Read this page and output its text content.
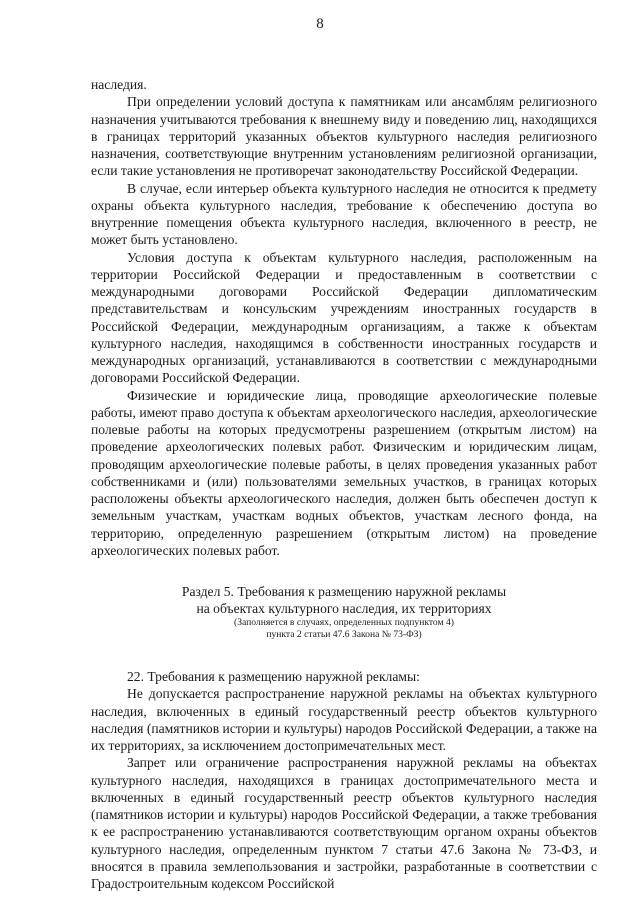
8

наследия.

При определении условий доступа к памятникам или ансамблям религиозного назначения учитываются требования к внешнему виду и поведению лиц, находящихся в границах территорий указанных объектов культурного наследия религиозного назначения, соответствующие внутренним установлениям религиозной организации, если такие установления не противоречат законодательству Российской Федерации.

В случае, если интерьер объекта культурного наследия не относится к предмету охраны объекта культурного наследия, требование к обеспечению доступа во внутренние помещения объекта культурного наследия, включенного в реестр, не может быть установлено.

Условия доступа к объектам культурного наследия, расположенным на территории Российской Федерации и предоставленным в соответствии с международными договорами Российской Федерации дипломатическим представительствам и консульским учреждениям иностранных государств в Российской Федерации, международным организациям, а также к объектам культурного наследия, находящимся в собственности иностранных государств и международных организаций, устанавливаются в соответствии с международными договорами Российской Федерации.

Физические и юридические лица, проводящие археологические полевые работы, имеют право доступа к объектам археологического наследия, археологические полевые работы на которых предусмотрены разрешением (открытым листом) на проведение археологических полевых работ. Физическим и юридическим лицам, проводящим археологические полевые работы, в целях проведения указанных работ собственниками и (или) пользователями земельных участков, в границах которых расположены объекты археологического наследия, должен быть обеспечен доступ к земельным участкам, участкам водных объектов, участкам лесного фонда, на территорию, определенную разрешением (открытым листом) на проведение археологических полевых работ.

Раздел 5. Требования к размещению наружной рекламы
на объектах культурного наследия, их территориях
(Заполняется в случаях, определенных подпунктом 4)
пункта 2 статьи 47.6 Закона № 73-ФЗ)

22. Требования к размещению наружной рекламы:

Не допускается распространение наружной рекламы на объектах культурного наследия, включенных в единый государственный реестр объектов культурного наследия (памятников истории и культуры) народов Российской Федерации, а также на их территориях, за исключением достопримечательных мест.

Запрет или ограничение распространения наружной рекламы на объектах культурного наследия, находящихся в границах достопримечательного места и включенных в единый государственный реестр объектов культурного наследия (памятников истории и культуры) народов Российской Федерации, а также требования к ее распространению устанавливаются соответствующим органом охраны объектов культурного наследия, определенным пунктом 7 статьи 47.6 Закона № 73-ФЗ, и вносятся в правила землепользования и застройки, разработанные в соответствии с Градостроительным кодексом Российской
